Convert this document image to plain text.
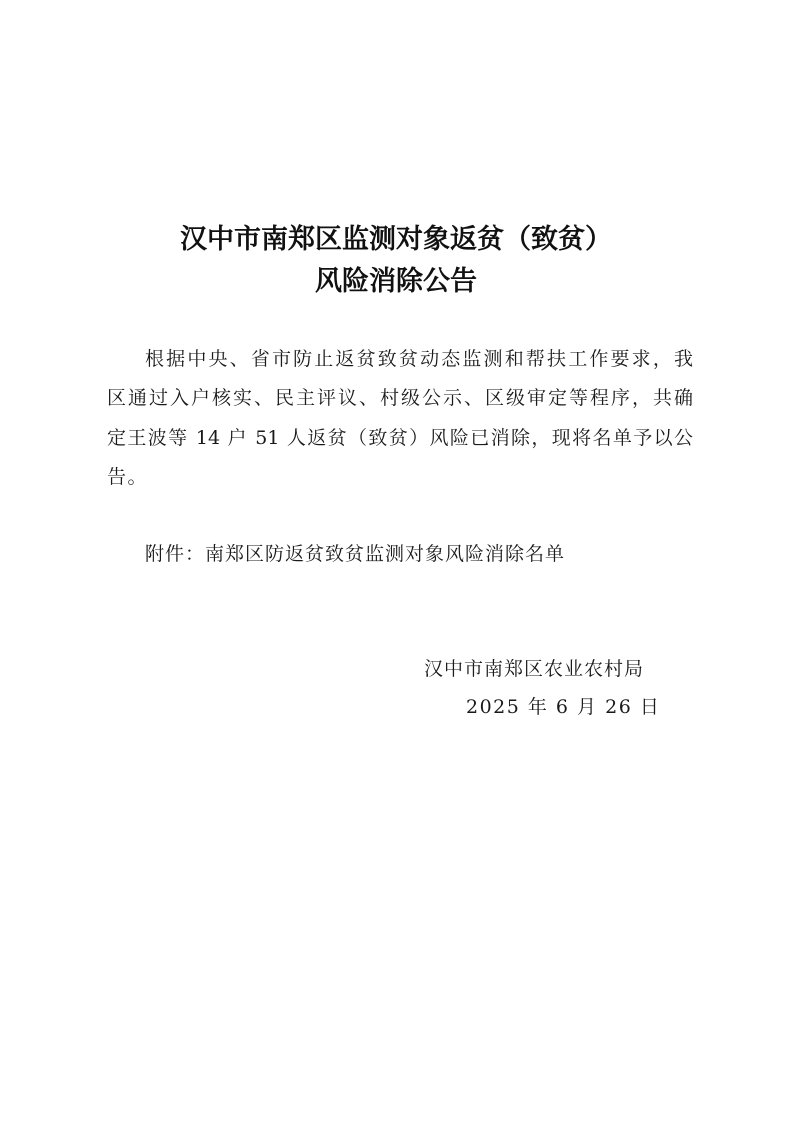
汉中市南郑区监测对象返贫（致贫）
风险消除公告
根据中央、省市防止返贫致贫动态监测和帮扶工作要求，我
区通过入户核实、民主评议、村级公示、区级审定等程序，共确
定王波等 14 户 51 人返贫（致贫）风险已消除，现将名单予以公
告。
附件：南郑区防返贫致贫监测对象风险消除名单
汉中市南郑区农业农村局
2025 年 6 月 26 日
